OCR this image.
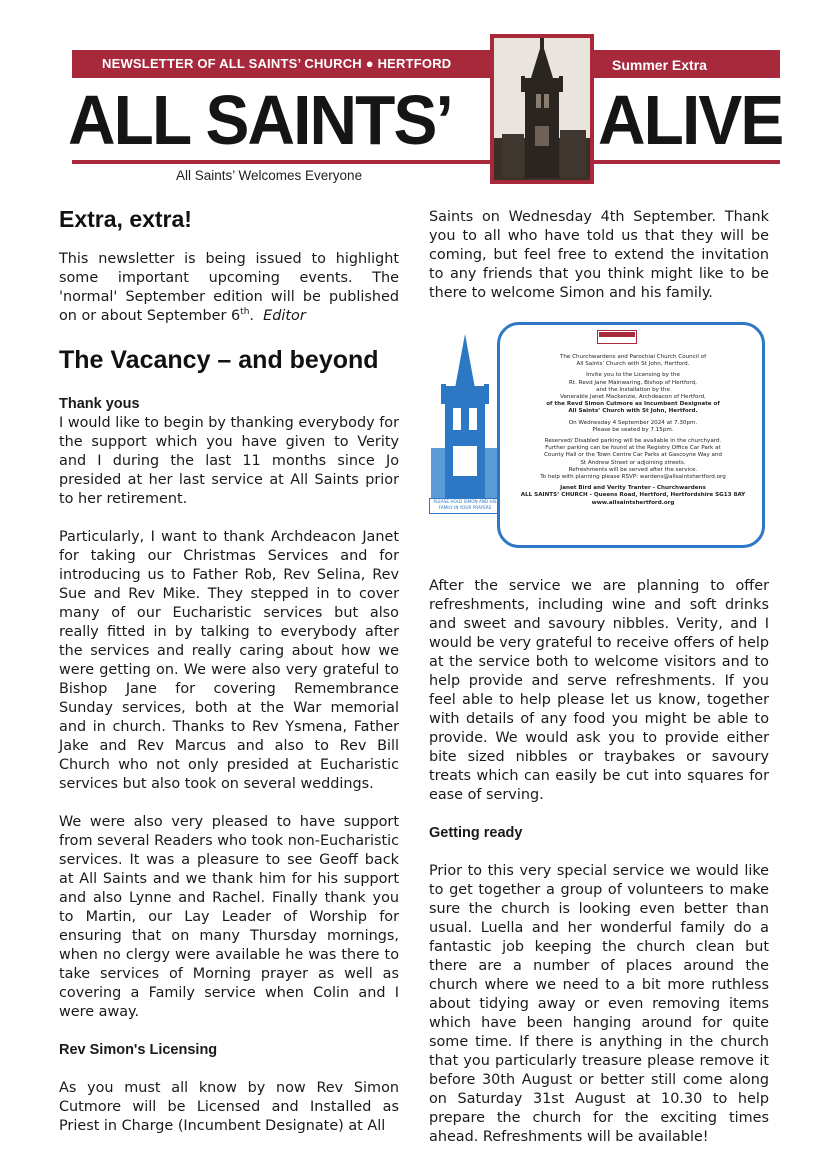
NEWSLETTER OF ALL SAINTS’ CHURCH ● HERTFORD	Summer Extra
ALL SAINTS’ ALIVE
All Saints’ Welcomes Everyone
Extra, extra!

This newsletter is being issued to highlight some important upcoming events. The 'normal' September edition will be published on or about September 6th. Editor

The Vacancy – and beyond
Thank yous

I would like to begin by thanking everybody for the support which you have given to Verity and I during the last 11 months since Jo presided at her last service at All Saints prior to her retirement.

Particularly, I want to thank Archdeacon Janet for taking our Christmas Services and for introducing us to Father Rob, Rev Selina, Rev Sue and Rev Mike. They stepped in to cover many of our Eucharistic services but also really fitted in by talking to everybody after the services and really caring about how we were getting on. We were also very grateful to Bishop Jane for covering Remembrance Sunday services, both at the War memorial and in church. Thanks to Rev Ysmena, Father Jake and Rev Marcus and also to Rev Bill Church who not only presided at Eucharistic services but also took on several weddings.

We were also very pleased to have support from several Readers who took non-Eucharistic services. It was a pleasure to see Geoff back at All Saints and we thank him for his support and also Lynne and Rachel. Finally thank you to Martin, our Lay Leader of Worship for ensuring that on many Thursday mornings, when no clergy were available he was there to take services of Morning prayer as well as covering a Family service when Colin and I were away.

Rev Simon's Licensing

As you must all know by now Rev Simon Cutmore will be Licensed and Installed as Priest in Charge (Incumbent Designate) at All

Saints on Wednesday 4th September. Thank you to all who have told us that they will be coming, but feel free to extend the invitation to any friends that you think might like to be there to welcome Simon and his family.

After the service we are planning to offer refreshments, including wine and soft drinks and sweet and savoury nibbles. Verity, and I would be very grateful to receive offers of help at the service both to welcome visitors and to help provide and serve refreshments. If you feel able to help please let us know, together with details of any food you might be able to provide. We would ask you to provide either bite sized nibbles or traybakes or savoury treats which can easily be cut into squares for ease of serving.

Getting ready

Prior to this very special service we would like to get together a group of volunteers to make sure the church is looking even better than usual. Luella and her wonderful family do a fantastic job keeping the church clean but there are a number of places around the church where we need to a bit more ruthless about tidying away or even removing items which have been hanging around for quite some time. If there is anything in the church that you particularly treasure please remove it before 30th August or better still come along on Saturday 31st August at 10.30 to help prepare the church for the exciting times ahead. Refreshments will be available!

PLEASE HOLD SIMON AND HIS FAMILY IN YOUR PRAYERS
The Churchwardens and Parochial Church Council of
All Saints’ Church with St John, Hertford.
Invite you to the Licensing by the
Rt. Revd Jane Mainwaring, Bishop of Hertford,
and the Installation by the
Venerable Janet Mackenzie, Archdeacon of Hertford,
of the Revd Simon Cutmore as Incumbent Designate of
All Saints’ Church with St John, Hertford.
On Wednesday 4 September 2024 at 7.30pm.
Please be seated by 7.15pm.
Reserved/ Disabled parking will be available in the churchyard.
Further parking can be found at the Registry Office Car Park at
County Hall or the Town Centre Car Parks at Gascoyne Way and
St Andrew Street or adjoining streets.
Refreshments will be served after the service.
To help with planning please RSVP: wardens@allsaintshertford.org
Janet Bird and Verity Tranter - Churchwardens
ALL SAINTS’ CHURCH - Queens Road, Hertford, Hertfordshire SG13 8AY
www.allsaintshertford.org
